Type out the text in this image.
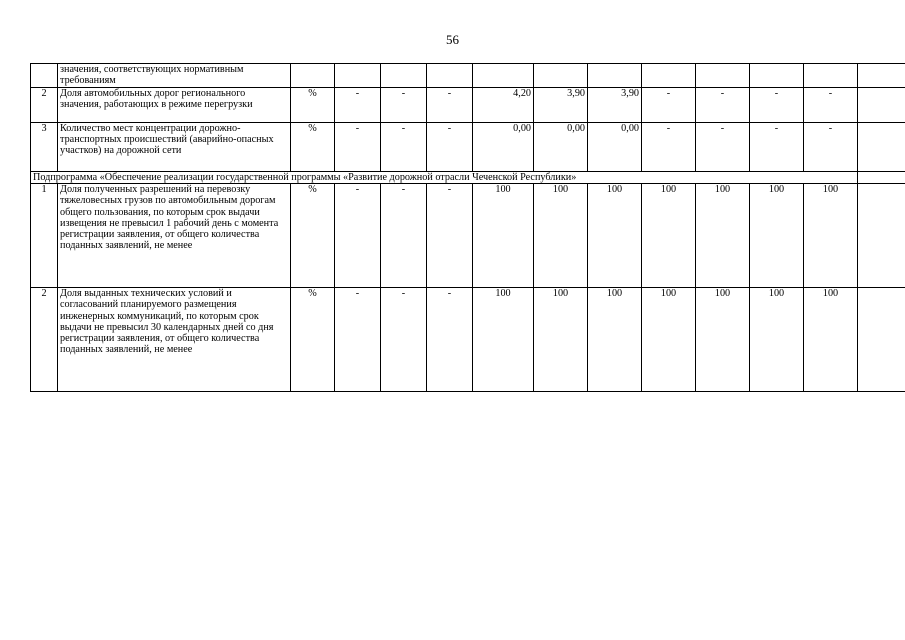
56
	значения, соответствующих нормативным требованиям												
2	Доля автомобильных дорог регионального значения, работающих в режиме перегрузки	%	-	-	-	4,20	3,90	3,90	-	-	-	-	
3	Количество мест концентрации дорожно-транспортных происшествий (аварийно-опасных участков) на дорожной сети	%	-	-	-	0,00	0,00	0,00	-	-	-	-	
Подпрограмма «Обеспечение реализации государственной программы «Развитие дорожной отрасли Чеченской Республики»													
1	Доля полученных разрешений на перевозку тяжеловесных грузов по автомобильным дорогам общего пользования, по которым срок выдачи извещения не превысил 1 рабочий день с момента регистрации заявления, от общего количества поданных заявлений, не менее	%	-	-	-	100	100	100	100	100	100	100	
2	Доля выданных технических условий и согласований планируемого размещения инженерных коммуникаций, по которым срок выдачи не превысил 30 календарных дней со дня регистрации заявления, от общего количества поданных заявлений, не менее	%	-	-	-	100	100	100	100	100	100	100	
